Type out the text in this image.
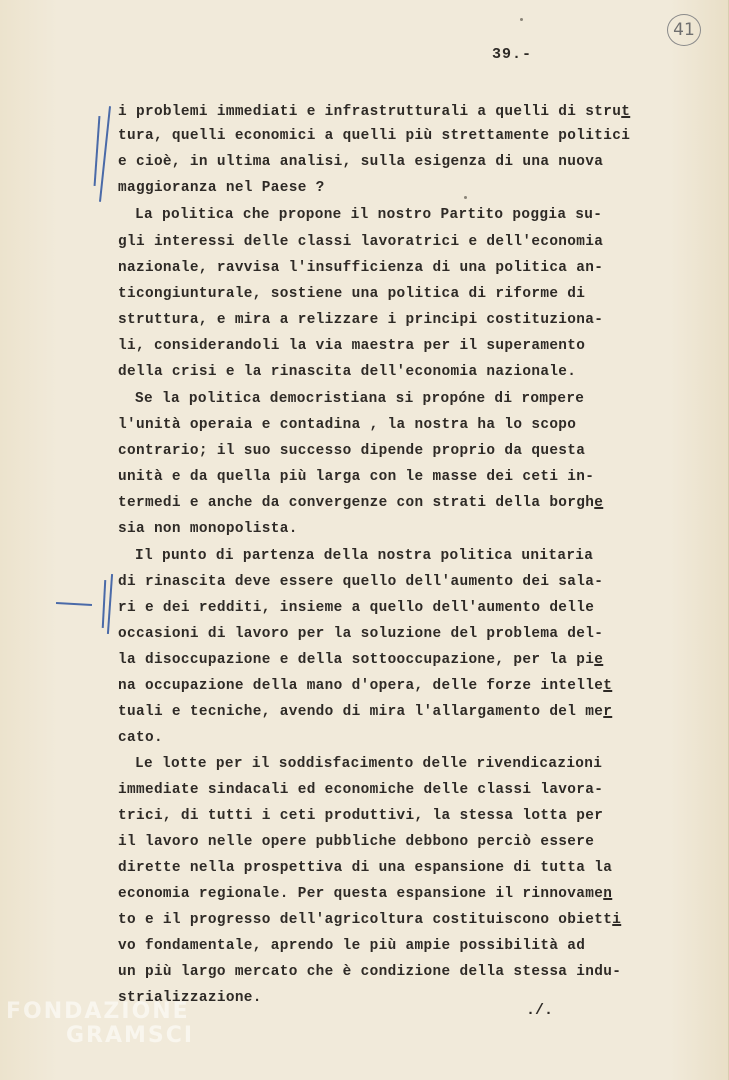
41
39.-
i problemi immediati e infrastrutturali a quelli di strut
tura, quelli economici a quelli più strettamente politici
e cioè, in ultima analisi, sulla esigenza di una nuova
maggioranza nel Paese ?
La politica che propone il nostro Partito poggia su-
gli interessi delle classi lavoratrici e dell'economia
nazionale, ravvisa l'insufficienza di una politica an-
ticongiunturale, sostiene una politica di riforme di
struttura, e mira a relizzare i principi costituziona-
li, considerandoli la via maestra per il superamento
della crisi e la rinascita dell'economia nazionale.
Se la politica democristiana si propóne di rompere
l'unità operaia e contadina , la nostra ha lo scopo
contrario; il suo successo dipende proprio da questa
unità e da quella più larga con le masse dei ceti in-
termedi e anche da convergenze con strati della borghe
sia non monopolista.
Il punto di partenza della nostra politica unitaria
di rinascita deve essere quello dell'aumento dei sala-
ri e dei redditi, insieme a quello dell'aumento delle
occasioni di lavoro per la soluzione del problema del-
la disoccupazione e della sottooccupazione, per la pie
na occupazione della mano d'opera, delle forze intellet
tuali e tecniche, avendo di mira l'allargamento del mer
cato.
Le lotte per il soddisfacimento delle rivendicazioni
immediate sindacali ed economiche delle classi lavora-
trici, di tutti i ceti produttivi, la stessa lotta per
il lavoro nelle opere pubbliche debbono perciò essere
dirette nella prospettiva di una espansione di tutta la
economia regionale. Per questa espansione il rinnovamen
to e il progresso dell'agricoltura costituiscono obietti
vo fondamentale, aprendo le più ampie possibilità ad
un più largo mercato che è condizione della stessa indu-
strializzazione.
./.
FONDAZIONE
GRAMSCI
